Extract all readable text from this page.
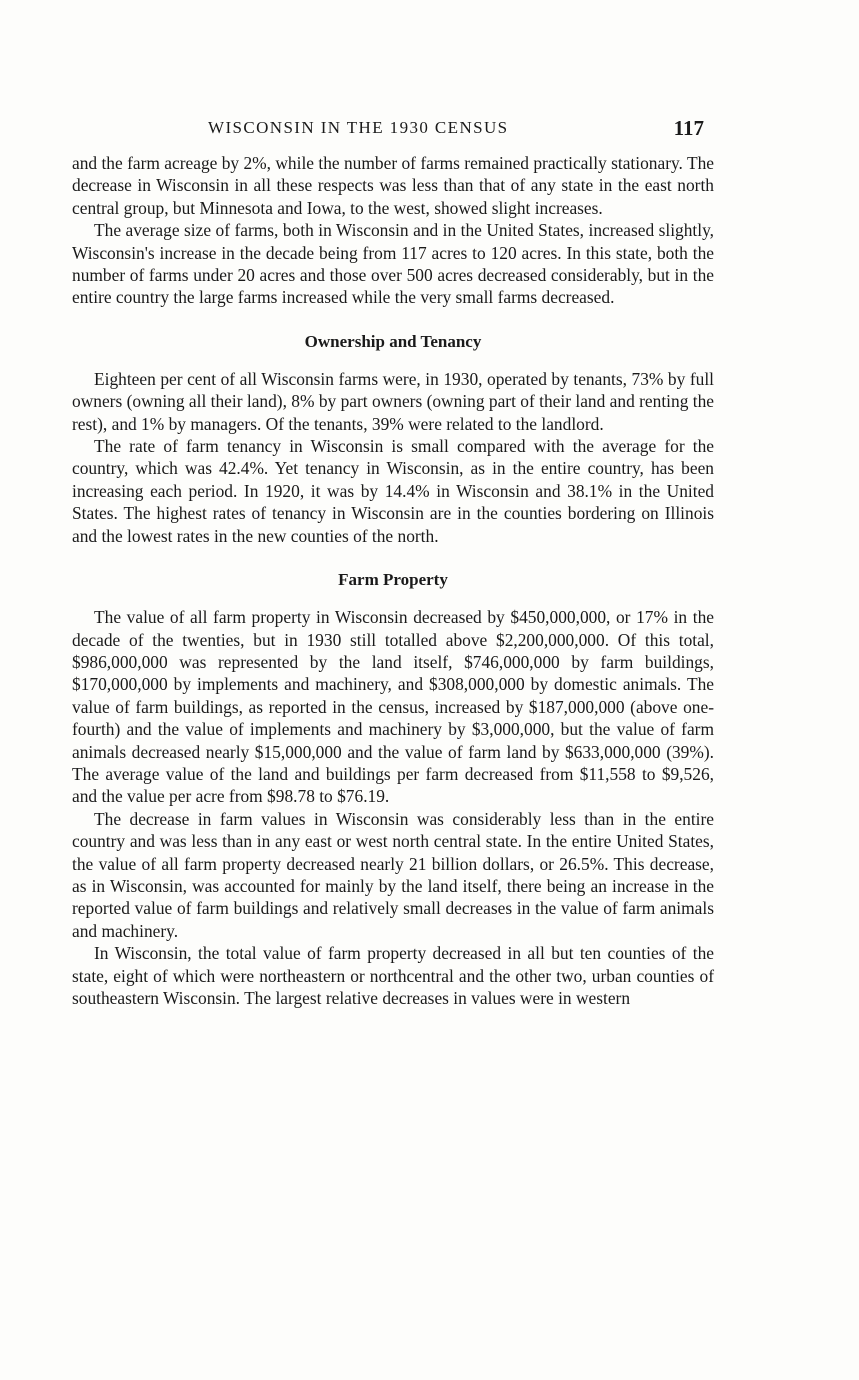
WISCONSIN IN THE 1930 CENSUS	117

and the farm acreage by 2%, while the number of farms remained practically stationary. The decrease in Wisconsin in all these respects was less than that of any state in the east north central group, but Minnesota and Iowa, to the west, showed slight increases.

The average size of farms, both in Wisconsin and in the United States, increased slightly, Wisconsin's increase in the decade being from 117 acres to 120 acres. In this state, both the number of farms under 20 acres and those over 500 acres decreased considerably, but in the entire country the large farms increased while the very small farms decreased.

Ownership and Tenancy

Eighteen per cent of all Wisconsin farms were, in 1930, operated by tenants, 73% by full owners (owning all their land), 8% by part owners (owning part of their land and renting the rest), and 1% by managers. Of the tenants, 39% were related to the landlord.

The rate of farm tenancy in Wisconsin is small compared with the average for the country, which was 42.4%. Yet tenancy in Wisconsin, as in the entire country, has been increasing each period. In 1920, it was by 14.4% in Wisconsin and 38.1% in the United States. The highest rates of tenancy in Wisconsin are in the counties bordering on Illinois and the lowest rates in the new counties of the north.

Farm Property

The value of all farm property in Wisconsin decreased by $450,000,000, or 17% in the decade of the twenties, but in 1930 still totalled above $2,200,000,000. Of this total, $986,000,000 was represented by the land itself, $746,000,000 by farm buildings, $170,000,000 by implements and machinery, and $308,000,000 by domestic animals. The value of farm buildings, as reported in the census, increased by $187,000,000 (above one-fourth) and the value of implements and machinery by $3,000,000, but the value of farm animals decreased nearly $15,000,000 and the value of farm land by $633,000,000 (39%). The average value of the land and buildings per farm decreased from $11,558 to $9,526, and the value per acre from $98.78 to $76.19.

The decrease in farm values in Wisconsin was considerably less than in the entire country and was less than in any east or west north central state. In the entire United States, the value of all farm property decreased nearly 21 billion dollars, or 26.5%. This decrease, as in Wisconsin, was accounted for mainly by the land itself, there being an increase in the reported value of farm buildings and relatively small decreases in the value of farm animals and machinery.

In Wisconsin, the total value of farm property decreased in all but ten counties of the state, eight of which were northeastern or northcentral and the other two, urban counties of southeastern Wisconsin. The largest relative decreases in values were in western
